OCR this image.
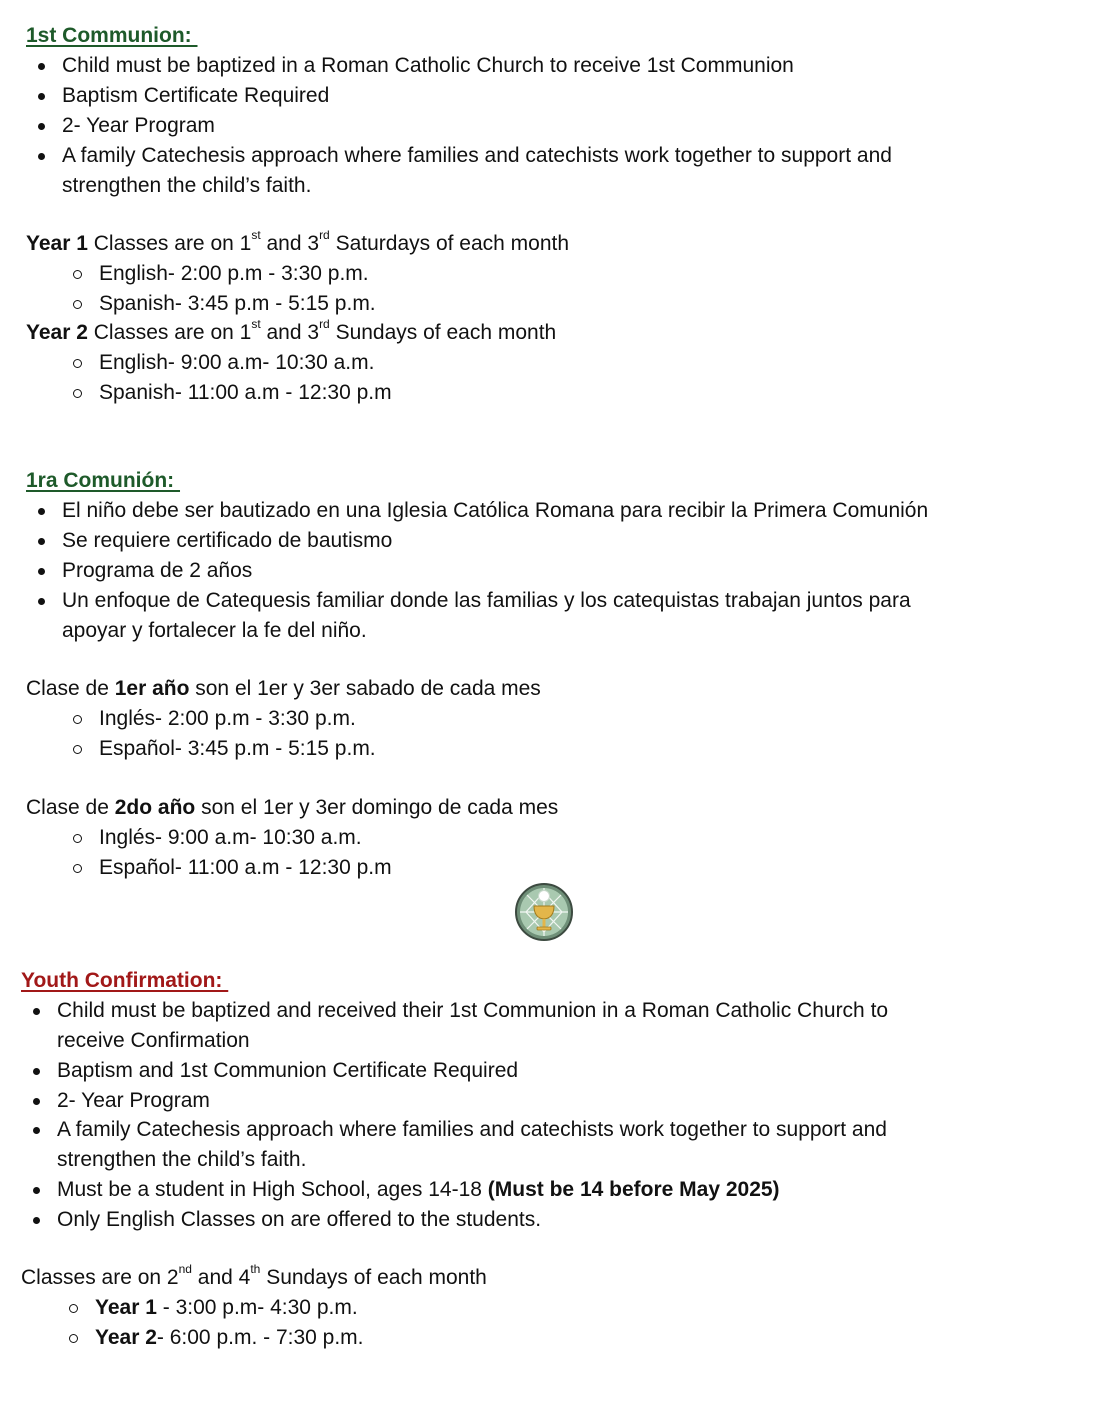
1st Communion:
Child must be baptized in a Roman Catholic Church to receive 1st Communion
Baptism Certificate Required
2- Year Program
A family Catechesis approach where families and catechists work together to support and
strengthen the child’s faith.
Year 1 Classes are on 1st and 3rd Saturdays of each month
English- 2:00 p.m - 3:30 p.m.
Spanish- 3:45 p.m - 5:15 p.m.
Year 2 Classes are on 1st and 3rd Sundays of each month
English- 9:00 a.m- 10:30 a.m.
Spanish- 11:00 a.m - 12:30 p.m
1ra Comunión:
El niño debe ser bautizado en una Iglesia Católica Romana para recibir la Primera Comunión
Se requiere certificado de bautismo
Programa de 2 años
Un enfoque de Catequesis familiar donde las familias y los catequistas trabajan juntos para
apoyar y fortalecer la fe del niño.
Clase de 1er año son el 1er y 3er sabado de cada mes
Inglés- 2:00 p.m - 3:30 p.m.
Español- 3:45 p.m - 5:15 p.m.
Clase de 2do año son el 1er y 3er domingo de cada mes
Inglés- 9:00 a.m- 10:30 a.m.
Español- 11:00 a.m - 12:30 p.m
Youth Confirmation:
Child must be baptized and received their 1st Communion in a Roman Catholic Church to
receive Confirmation
Baptism and 1st Communion Certificate Required
2- Year Program
A family Catechesis approach where families and catechists work together to support and
strengthen the child’s faith.
Must be a student in High School, ages 14-18 (Must be 14 before May 2025)
Only English Classes on are offered to the students.
Classes are on 2nd and 4th Sundays of each month
Year 1 - 3:00 p.m- 4:30 p.m.
Year 2- 6:00 p.m. - 7:30 p.m.
